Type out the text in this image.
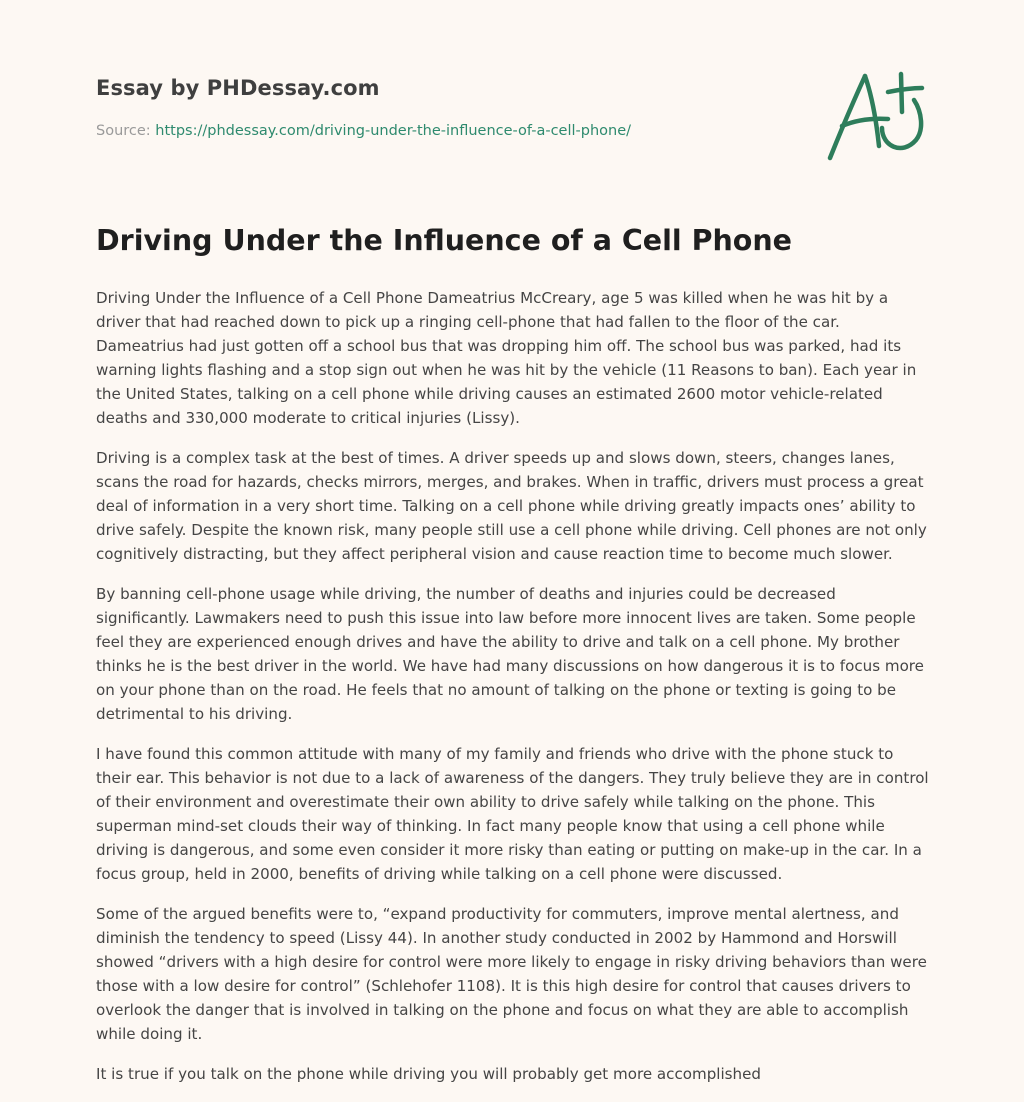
Essay by PHDessay.com
Source: https://phdessay.com/driving-under-the-influence-of-a-cell-phone/
Driving Under the Influence of a Cell Phone

Driving Under the Influence of a Cell Phone Dameatrius McCreary, age 5 was killed when he was hit by a driver that had reached down to pick up a ringing cell-phone that had fallen to the floor of the car. Dameatrius had just gotten off a school bus that was dropping him off. The school bus was parked, had its warning lights flashing and a stop sign out when he was hit by the vehicle (11 Reasons to ban). Each year in the United States, talking on a cell phone while driving causes an estimated 2600 motor vehicle-related deaths and 330,000 moderate to critical injuries (Lissy).

Driving is a complex task at the best of times. A driver speeds up and slows down, steers, changes lanes, scans the road for hazards, checks mirrors, merges, and brakes. When in traffic, drivers must process a great deal of information in a very short time. Talking on a cell phone while driving greatly impacts ones’ ability to drive safely. Despite the known risk, many people still use a cell phone while driving. Cell phones are not only cognitively distracting, but they affect peripheral vision and cause reaction time to become much slower.

By banning cell-phone usage while driving, the number of deaths and injuries could be decreased significantly. Lawmakers need to push this issue into law before more innocent lives are taken. Some people feel they are experienced enough drives and have the ability to drive and talk on a cell phone. My brother thinks he is the best driver in the world. We have had many discussions on how dangerous it is to focus more on your phone than on the road. He feels that no amount of talking on the phone or texting is going to be detrimental to his driving.

I have found this common attitude with many of my family and friends who drive with the phone stuck to their ear. This behavior is not due to a lack of awareness of the dangers. They truly believe they are in control of their environment and overestimate their own ability to drive safely while talking on the phone. This superman mind-set clouds their way of thinking. In fact many people know that using a cell phone while driving is dangerous, and some even consider it more risky than eating or putting on make-up in the car. In a focus group, held in 2000, benefits of driving while talking on a cell phone were discussed.

Some of the argued benefits were to, “expand productivity for commuters, improve mental alertness, and diminish the tendency to speed (Lissy 44). In another study conducted in 2002 by Hammond and Horswill showed “drivers with a high desire for control were more likely to engage in risky driving behaviors than were those with a low desire for control” (Schlehofer 1108). It is this high desire for control that causes drivers to overlook the danger that is involved in talking on the phone and focus on what they are able to accomplish while doing it.

It is true if you talk on the phone while driving you will probably get more accomplished
